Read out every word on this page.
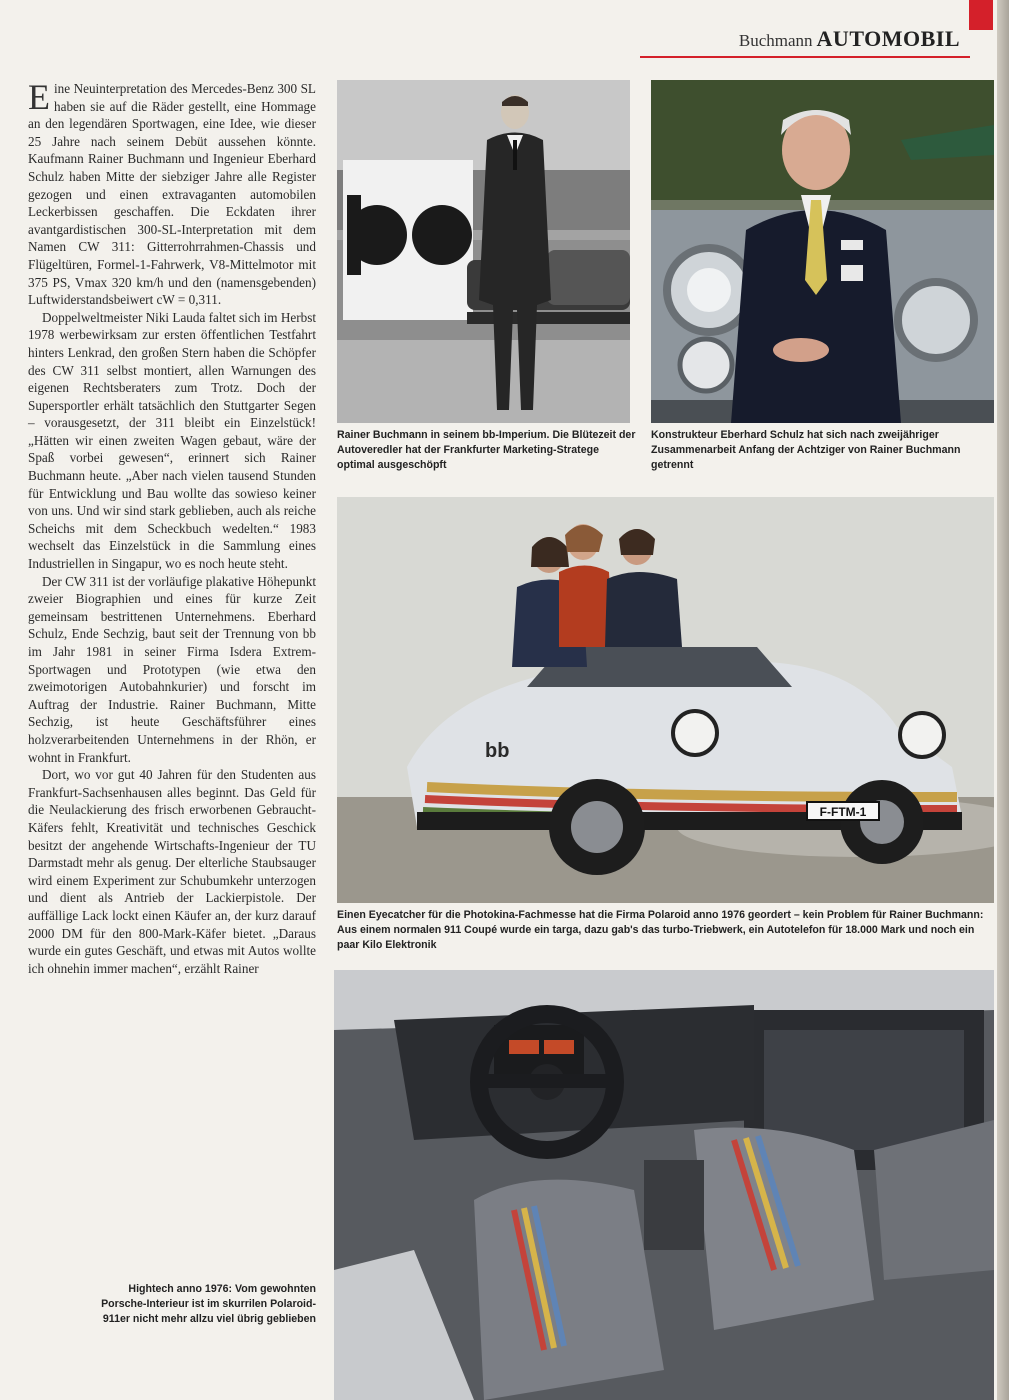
Buchmann AUTOMOBIL

Eine Neuinterpretation des Mercedes-Benz 300 SL haben sie auf die Räder gestellt, eine Hommage an den legendären Sportwagen, eine Idee, wie dieser 25 Jahre nach seinem Debüt aussehen könnte. Kaufmann Rainer Buchmann und Ingenieur Eberhard Schulz haben Mitte der siebziger Jahre alle Register gezogen und einen extravaganten automobilen Leckerbissen geschaffen. Die Eckdaten ihrer avantgardistischen 300-SL-Interpretation mit dem Namen CW 311: Gitterrohrrahmen-Chassis und Flügeltüren, Formel-1-Fahrwerk, V8-Mittelmotor mit 375 PS, Vmax 320 km/h und den (namensgebenden) Luftwiderstandsbeiwert cW = 0,311.

Doppelweltmeister Niki Lauda faltet sich im Herbst 1978 werbewirksam zur ersten öffentlichen Testfahrt hinters Lenkrad, den großen Stern haben die Schöpfer des CW 311 selbst montiert, allen Warnungen des eigenen Rechtsberaters zum Trotz. Doch der Supersportler erhält tatsächlich den Stuttgarter Segen – vorausgesetzt, der 311 bleibt ein Einzelstück! „Hätten wir einen zweiten Wagen gebaut, wäre der Spaß vorbei gewesen“, erinnert sich Rainer Buchmann heute. „Aber nach vielen tausend Stunden für Entwicklung und Bau wollte das sowieso keiner von uns. Und wir sind stark geblieben, auch als reiche Scheichs mit dem Scheckbuch wedelten.“ 1983 wechselt das Einzelstück in die Sammlung eines Industriellen in Singapur, wo es noch heute steht.

Der CW 311 ist der vorläufige plakative Höhepunkt zweier Biographien und eines für kurze Zeit gemeinsam bestrittenen Unternehmens. Eberhard Schulz, Ende Sechzig, baut seit der Trennung von bb im Jahr 1981 in seiner Firma Isdera Extrem-Sportwagen und Prototypen (wie etwa den zweimotorigen Autobahnkurier) und forscht im Auftrag der Industrie. Rainer Buchmann, Mitte Sechzig, ist heute Geschäftsführer eines holzverarbeitenden Unternehmens in der Rhön, er wohnt in Frankfurt.

Dort, wo vor gut 40 Jahren für den Studenten aus Frankfurt-Sachsenhausen alles beginnt. Das Geld für die Neulackierung des frisch erworbenen Gebraucht-Käfers fehlt, Kreativität und technisches Geschick besitzt der angehende Wirtschafts-Ingenieur der TU Darmstadt mehr als genug. Der elterliche Staubsauger wird einem Experiment zur Schubumkehr unterzogen und dient als Antrieb der Lackierpistole. Der auffällige Lack lockt einen Käufer an, der kurz darauf 2000 DM für den 800-Mark-Käfer bietet. „Daraus wurde ein gutes Geschäft, und etwas mit Autos wollte ich ohnehin immer machen“, erzählt Rainer

Rainer Buchmann in seinem bb-Imperium. Die Blütezeit der Autoveredler hat der Frankfurter Marketing-Stratege optimal ausgeschöpft
Konstrukteur Eberhard Schulz hat sich nach zweijähriger Zusammenarbeit Anfang der Achtziger von Rainer Buchmann getrennt
F-FTM-1
bb
Einen Eyecatcher für die Photokina-Fachmesse hat die Firma Polaroid anno 1976 geordert – kein Problem für Rainer Buchmann: Aus einem normalen 911 Coupé wurde ein targa, dazu gab's das turbo-Triebwerk, ein Autotelefon für 18.000 Mark und noch ein paar Kilo Elektronik
Hightech anno 1976: Vom gewohnten Porsche-Interieur ist im skurrilen Polaroid-911er nicht mehr allzu viel übrig geblieben
